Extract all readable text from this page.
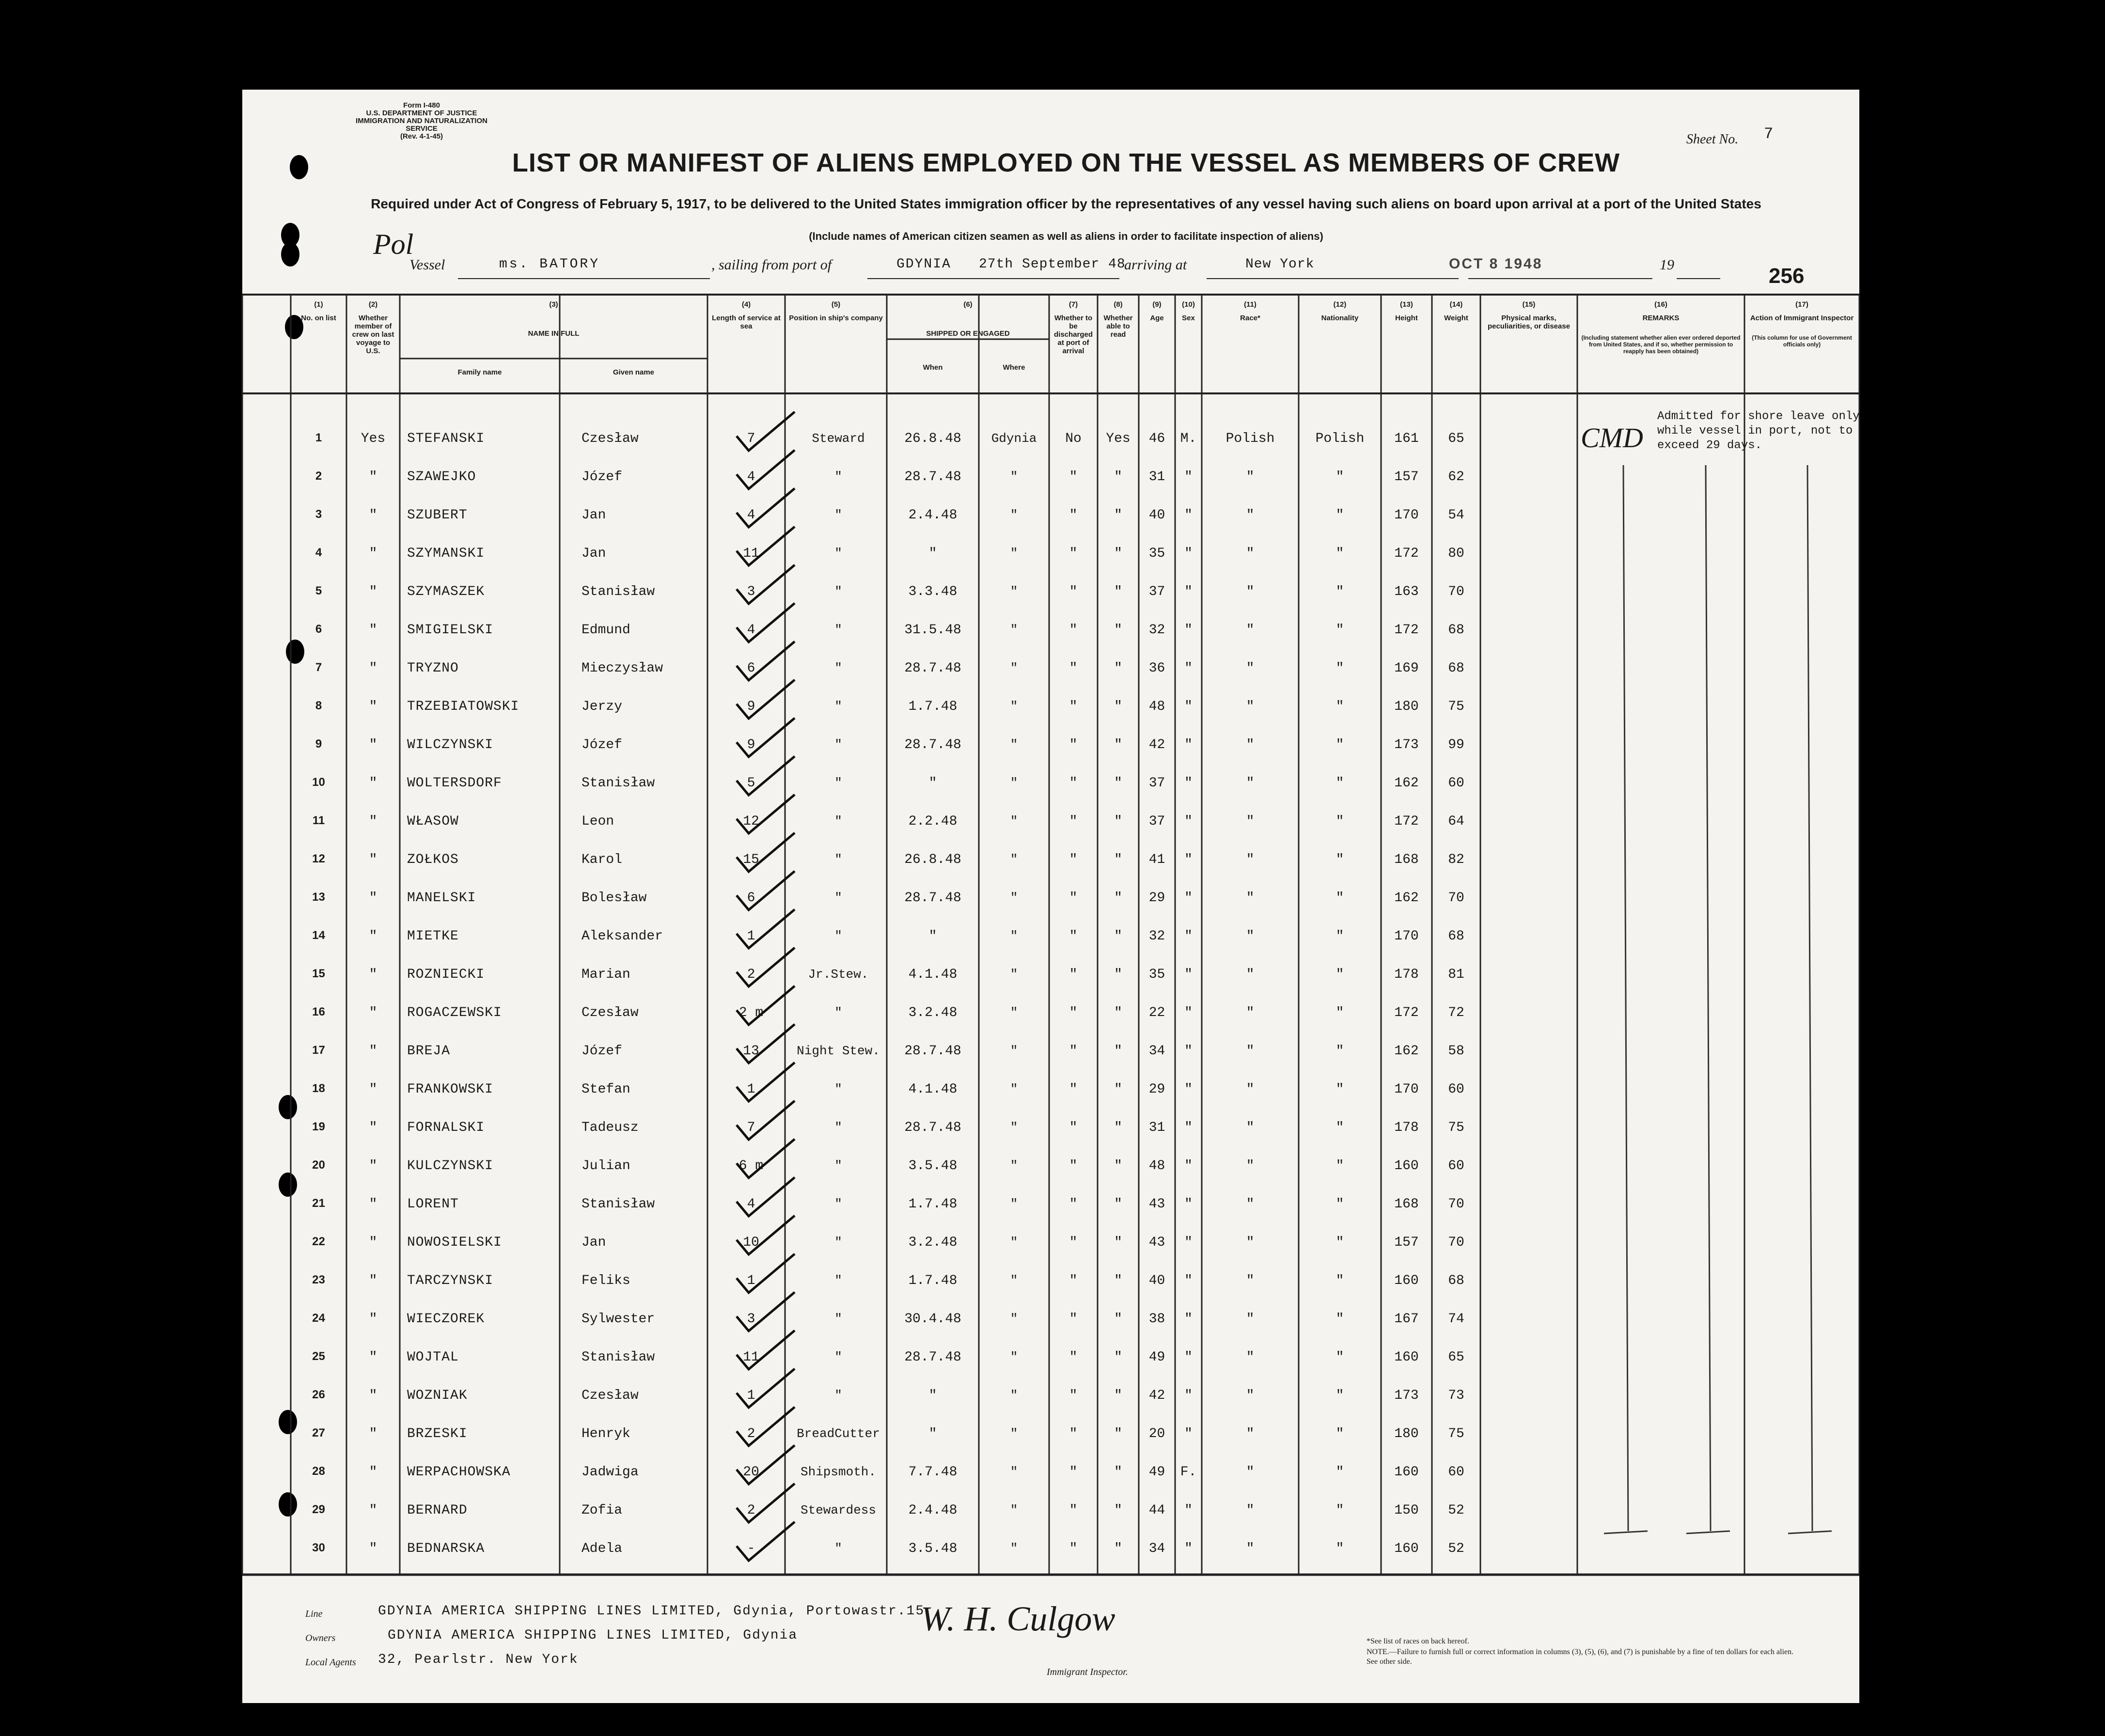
Form I-480
U.S. DEPARTMENT OF JUSTICE
IMMIGRATION AND NATURALIZATION SERVICE
(Rev. 4-1-45)	Sheet No. 7
LIST OR MANIFEST OF ALIENS EMPLOYED ON THE VESSEL AS MEMBERS OF CREW
Required under Act of Congress of February 5, 1917, to be delivered to the United States immigration officer by the representatives of any vessel having such aliens on board upon arrival at a port of the United States
(Include names of American citizen seamen as well as aliens in order to facilitate inspection of aliens)
Pol
Vessel	ms. BATORY	, sailing from port of	GDYNIA 27th September 48
arriving at	New York	OCT 8 1948	19	256
(1)
No. on list
(2)
Whether member of crew on last voyage to U.S.
(3)
NAME IN FULL
Family name	Given name
(4)
Length of service at sea
(5)
Position in ship's company
(6)
SHIPPED OR ENGAGED
When	Where
(7)
Whether to be discharged at port of arrival
(8)
Whether able to read
(9)
Age
(10)
Sex
(11)
Race*
(12)
Nationality
(13)
Height
(14)
Weight
(15)
Physical marks, peculiarities, or disease
(16)
REMARKS
(Including statement whether alien ever ordered deported from United States, and if so, whether permission to reapply has been obtained)
(17)
Action of Immigrant Inspector
(This column for use of Government officials only)
1	Yes	STEFANSKI	Czesław	7	Steward	26.8.48	Gdynia	No	Yes	46	M.	Polish	Polish	161	65
2	"	SZAWEJKO	Józef	4	"	28.7.48	"	"	"	31	"	"	"	157	62
3	"	SZUBERT	Jan	4	"	2.4.48	"	"	"	40	"	"	"	170	54
4	"	SZYMANSKI	Jan	11	"	"	"	"	"	35	"	"	"	172	80
5	"	SZYMASZEK	Stanisław	3	"	3.3.48	"	"	"	37	"	"	"	163	70
6	"	SMIGIELSKI	Edmund	4	"	31.5.48	"	"	"	32	"	"	"	172	68
7	"	TRYZNO	Mieczysław	6	"	28.7.48	"	"	"	36	"	"	"	169	68
8	"	TRZEBIATOWSKI	Jerzy	9	"	1.7.48	"	"	"	48	"	"	"	180	75
9	"	WILCZYNSKI	Józef	9	"	28.7.48	"	"	"	42	"	"	"	173	99
10	"	WOLTERSDORF	Stanisław	5	"	"	"	"	"	37	"	"	"	162	60
11	"	WŁASOW	Leon	12	"	2.2.48	"	"	"	37	"	"	"	172	64
12	"	ZOŁKOS	Karol	15	"	26.8.48	"	"	"	41	"	"	"	168	82
13	"	MANELSKI	Bolesław	6	"	28.7.48	"	"	"	29	"	"	"	162	70
14	"	MIETKE	Aleksander	1	"	"	"	"	"	32	"	"	"	170	68
15	"	ROZNIECKI	Marian	2	Jr.Stew.	4.1.48	"	"	"	35	"	"	"	178	81
16	"	ROGACZEWSKI	Czesław	2 m	"	3.2.48	"	"	"	22	"	"	"	172	72
17	"	BREJA	Józef	13	Night Stew.	28.7.48	"	"	"	34	"	"	"	162	58
18	"	FRANKOWSKI	Stefan	1	"	4.1.48	"	"	"	29	"	"	"	170	60
19	"	FORNALSKI	Tadeusz	7	"	28.7.48	"	"	"	31	"	"	"	178	75
20	"	KULCZYNSKI	Julian	6 m	"	3.5.48	"	"	"	48	"	"	"	160	60
21	"	LORENT	Stanisław	4	"	1.7.48	"	"	"	43	"	"	"	168	70
22	"	NOWOSIELSKI	Jan	10	"	3.2.48	"	"	"	43	"	"	"	157	70
23	"	TARCZYNSKI	Feliks	1	"	1.7.48	"	"	"	40	"	"	"	160	68
24	"	WIECZOREK	Sylwester	3	"	30.4.48	"	"	"	38	"	"	"	167	74
25	"	WOJTAL	Stanisław	11	"	28.7.48	"	"	"	49	"	"	"	160	65
26	"	WOZNIAK	Czesław	1	"	"	"	"	"	42	"	"	"	173	73
27	"	BRZESKI	Henryk	2	BreadCutter	"	"	"	"	20	"	"	"	180	75
28	"	WERPACHOWSKA	Jadwiga	20	Shipsmoth.	7.7.48	"	"	"	49	F.	"	"	160	60
29	"	BERNARD	Zofia	2	Stewardess	2.4.48	"	"	"	44	"	"	"	150	52
30	"	BEDNARSKA	Adela	-	"	3.5.48	"	"	"	34	"	"	"	160	52
Admitted for shore leave only while vessel in port, not to exceed 29 days.
CMD
Line	GDYNIA AMERICA SHIPPING LINES LIMITED, Gdynia, Portowastr.15
Owners	GDYNIA AMERICA SHIPPING LINES LIMITED, Gdynia
Local Agents 32, Pearlstr. New York
W. H. Culgow
Immigrant Inspector.
*See list of races on back hereof.
NOTE.—Failure to furnish full or correct information in columns (3), (5), (6), and (7) is punishable by a fine of ten dollars for each alien. See other side.
